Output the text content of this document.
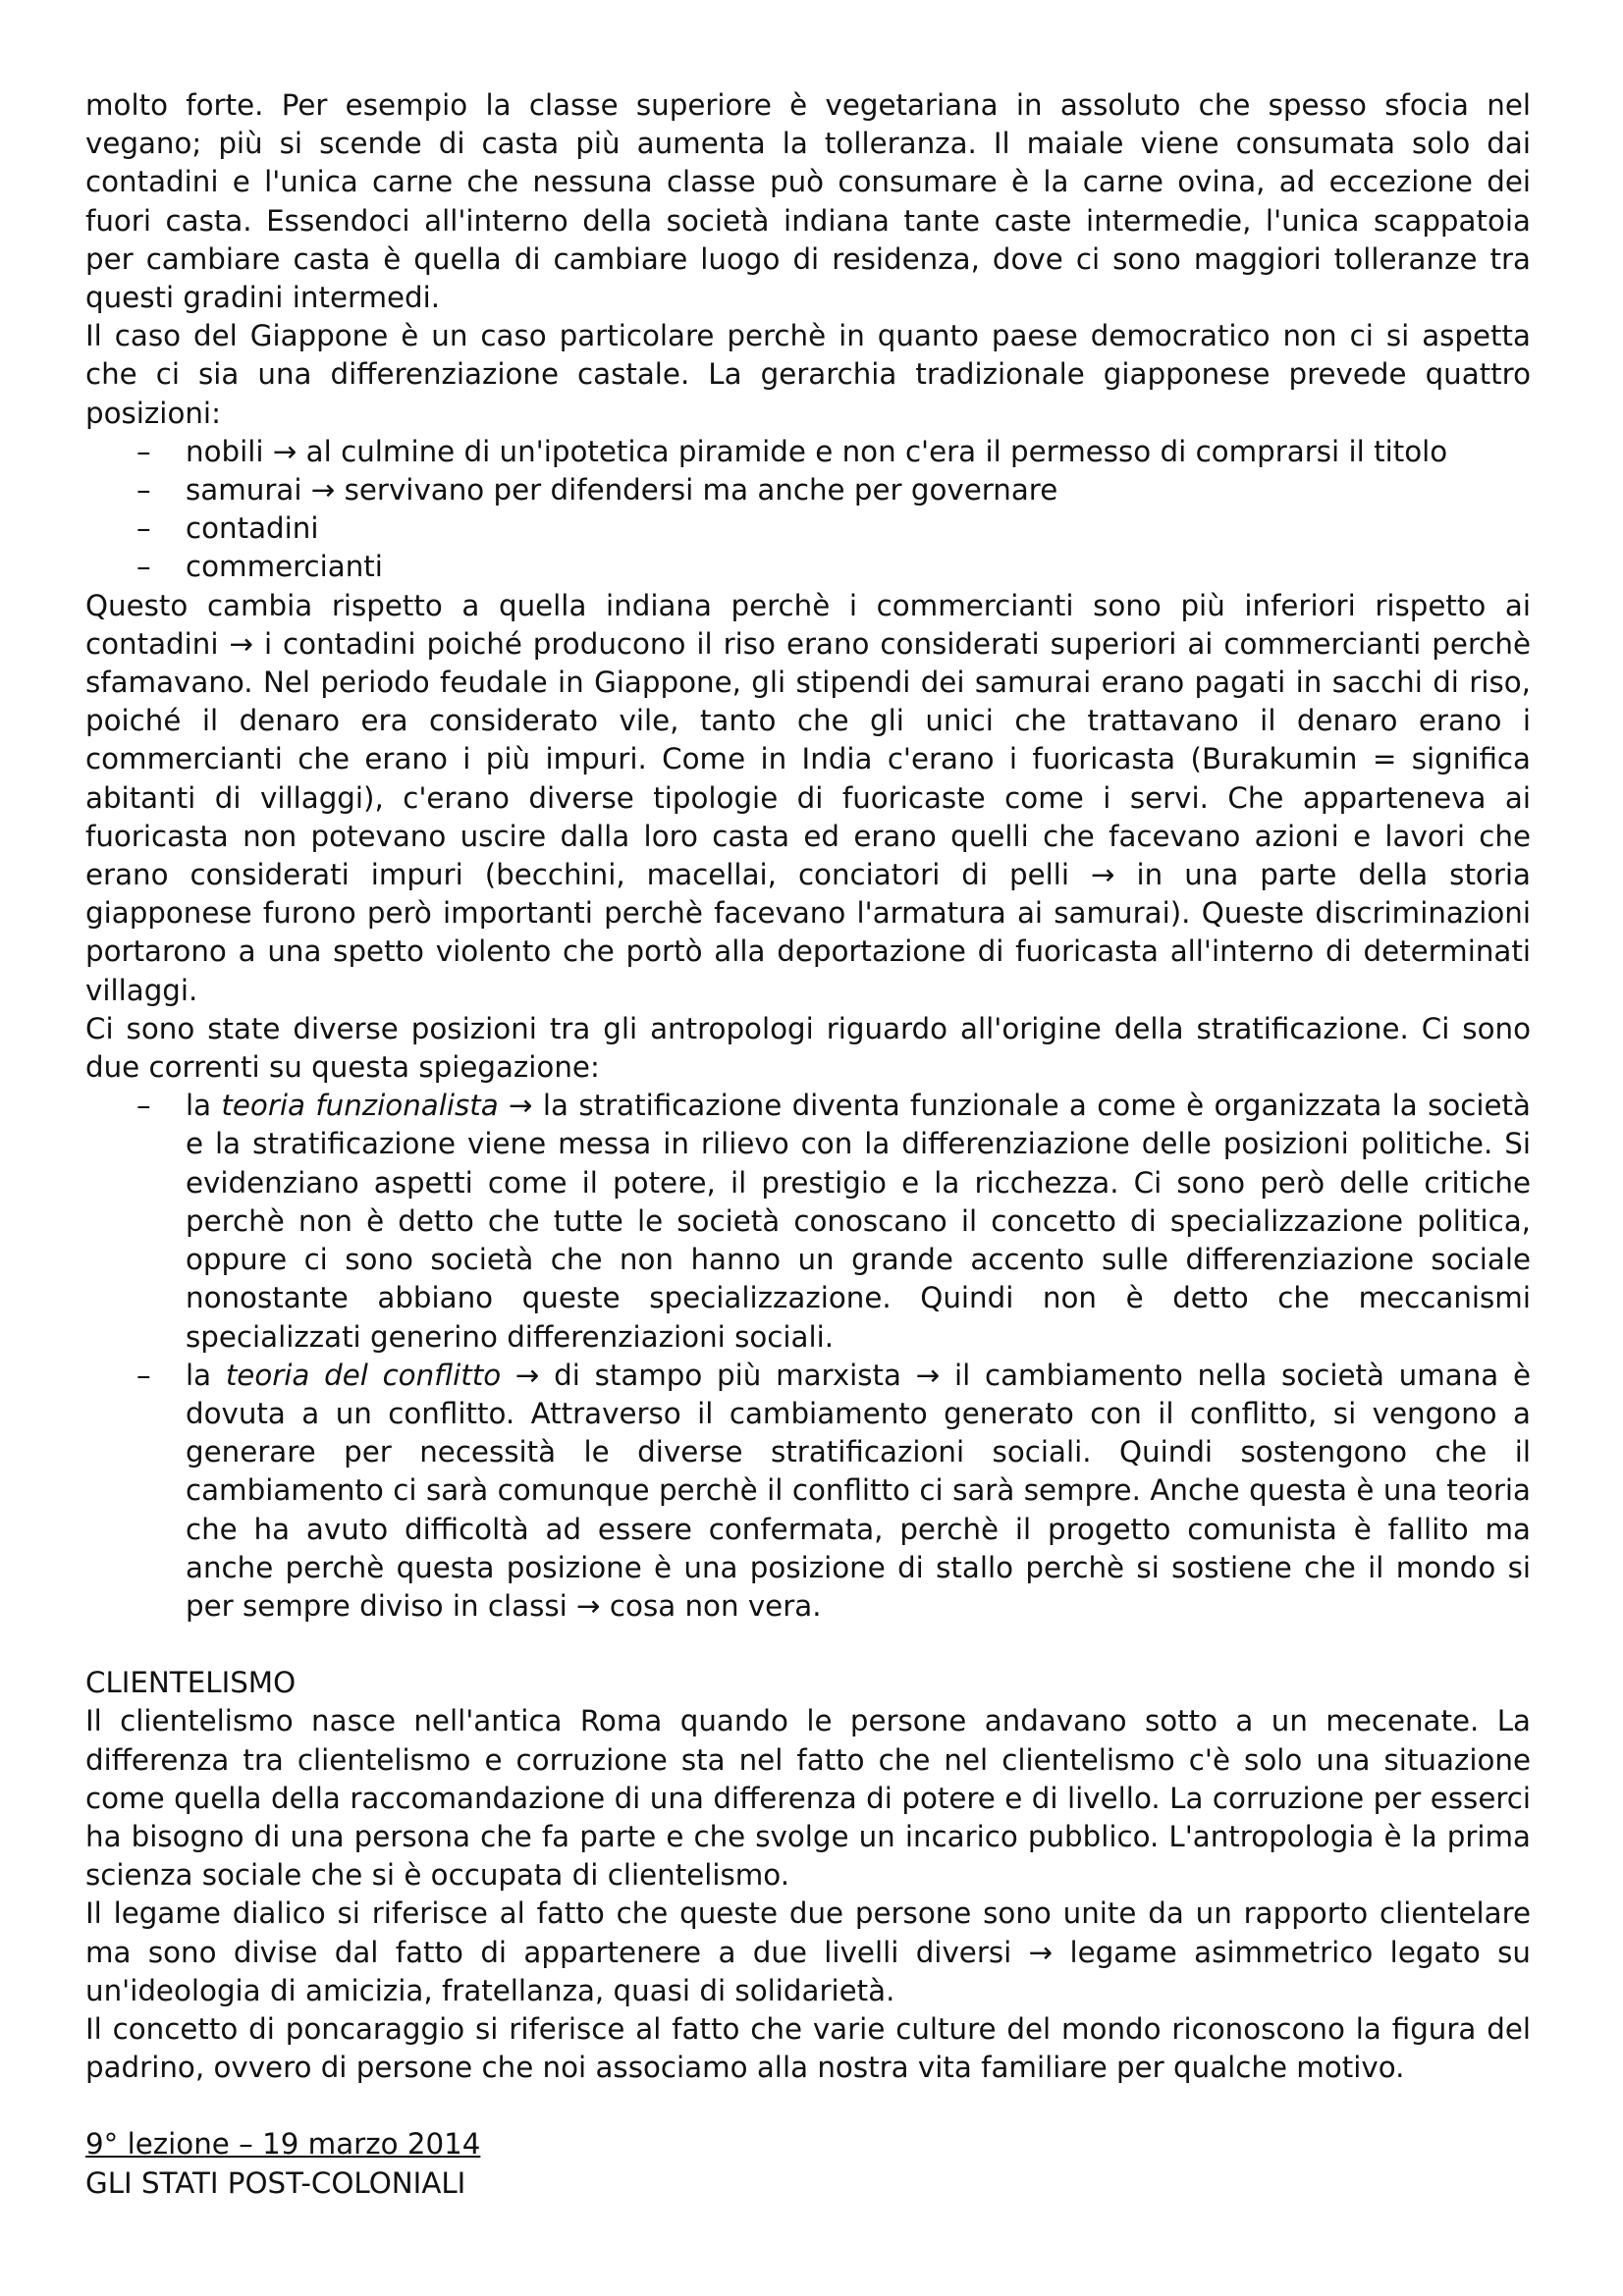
molto forte. Per esempio la classe superiore è vegetariana in assoluto che spesso sfocia nel vegano; più si scende di casta più aumenta la tolleranza. Il maiale viene consumata solo dai contadini e l'unica carne che nessuna classe può consumare è la carne ovina, ad eccezione dei fuori casta. Essendoci all'interno della società indiana tante caste intermedie, l'unica scappatoia per cambiare casta è quella di cambiare luogo di residenza, dove ci sono maggiori tolleranze tra questi gradini intermedi.

Il caso del Giappone è un caso particolare perchè in quanto paese democratico non ci si aspetta che ci sia una differenziazione castale. La gerarchia tradizionale giapponese prevede quattro posizioni:

– nobili → al culmine di un'ipotetica piramide e non c'era il permesso di comprarsi il titolo
– samurai → servivano per difendersi ma anche per governare
– contadini
– commercianti

Questo cambia rispetto a quella indiana perchè i commercianti sono più inferiori rispetto ai contadini → i contadini poiché producono il riso erano considerati superiori ai commercianti perchè sfamavano. Nel periodo feudale in Giappone, gli stipendi dei samurai erano pagati in sacchi di riso, poiché il denaro era considerato vile, tanto che gli unici che trattavano il denaro erano i commercianti che erano i più impuri. Come in India c'erano i fuoricasta (Burakumin = significa abitanti di villaggi), c'erano diverse tipologie di fuoricaste come i servi. Che apparteneva ai fuoricasta non potevano uscire dalla loro casta ed erano quelli che facevano azioni e lavori che erano considerati impuri (becchini, macellai, conciatori di pelli → in una parte della storia giapponese furono però importanti perchè facevano l'armatura ai samurai). Queste discriminazioni portarono a una spetto violento che portò alla deportazione di fuoricasta all'interno di determinati villaggi.

Ci sono state diverse posizioni tra gli antropologi riguardo all'origine della stratificazione. Ci sono due correnti su questa spiegazione:

– la teoria funzionalista → la stratificazione diventa funzionale a come è organizzata la società e la stratificazione viene messa in rilievo con la differenziazione delle posizioni politiche. Si evidenziano aspetti come il potere, il prestigio e la ricchezza. Ci sono però delle critiche perchè non è detto che tutte le società conoscano il concetto di specializzazione politica, oppure ci sono società che non hanno un grande accento sulle differenziazione sociale nonostante abbiano queste specializzazione. Quindi non è detto che meccanismi specializzati generino differenziazioni sociali.
– la teoria del conflitto → di stampo più marxista → il cambiamento nella società umana è dovuta a un conflitto. Attraverso il cambiamento generato con il conflitto, si vengono a generare per necessità le diverse stratificazioni sociali. Quindi sostengono che il cambiamento ci sarà comunque perchè il conflitto ci sarà sempre. Anche questa è una teoria che ha avuto difficoltà ad essere confermata, perchè il progetto comunista è fallito ma anche perchè questa posizione è una posizione di stallo perchè si sostiene che il mondo si per sempre diviso in classi → cosa non vera.

CLIENTELISMO

Il clientelismo nasce nell'antica Roma quando le persone andavano sotto a un mecenate. La differenza tra clientelismo e corruzione sta nel fatto che nel clientelismo c'è solo una situazione come quella della raccomandazione di una differenza di potere e di livello. La corruzione per esserci ha bisogno di una persona che fa parte e che svolge un incarico pubblico. L'antropologia è la prima scienza sociale che si è occupata di clientelismo.

Il legame dialico si riferisce al fatto che queste due persone sono unite da un rapporto clientelare ma sono divise dal fatto di appartenere a due livelli diversi → legame asimmetrico legato su un'ideologia di amicizia, fratellanza, quasi di solidarietà.

Il concetto di poncaraggio si riferisce al fatto che varie culture del mondo riconoscono la figura del padrino, ovvero di persone che noi associamo alla nostra vita familiare per qualche motivo.

9° lezione – 19 marzo 2014

GLI STATI POST-COLONIALI
